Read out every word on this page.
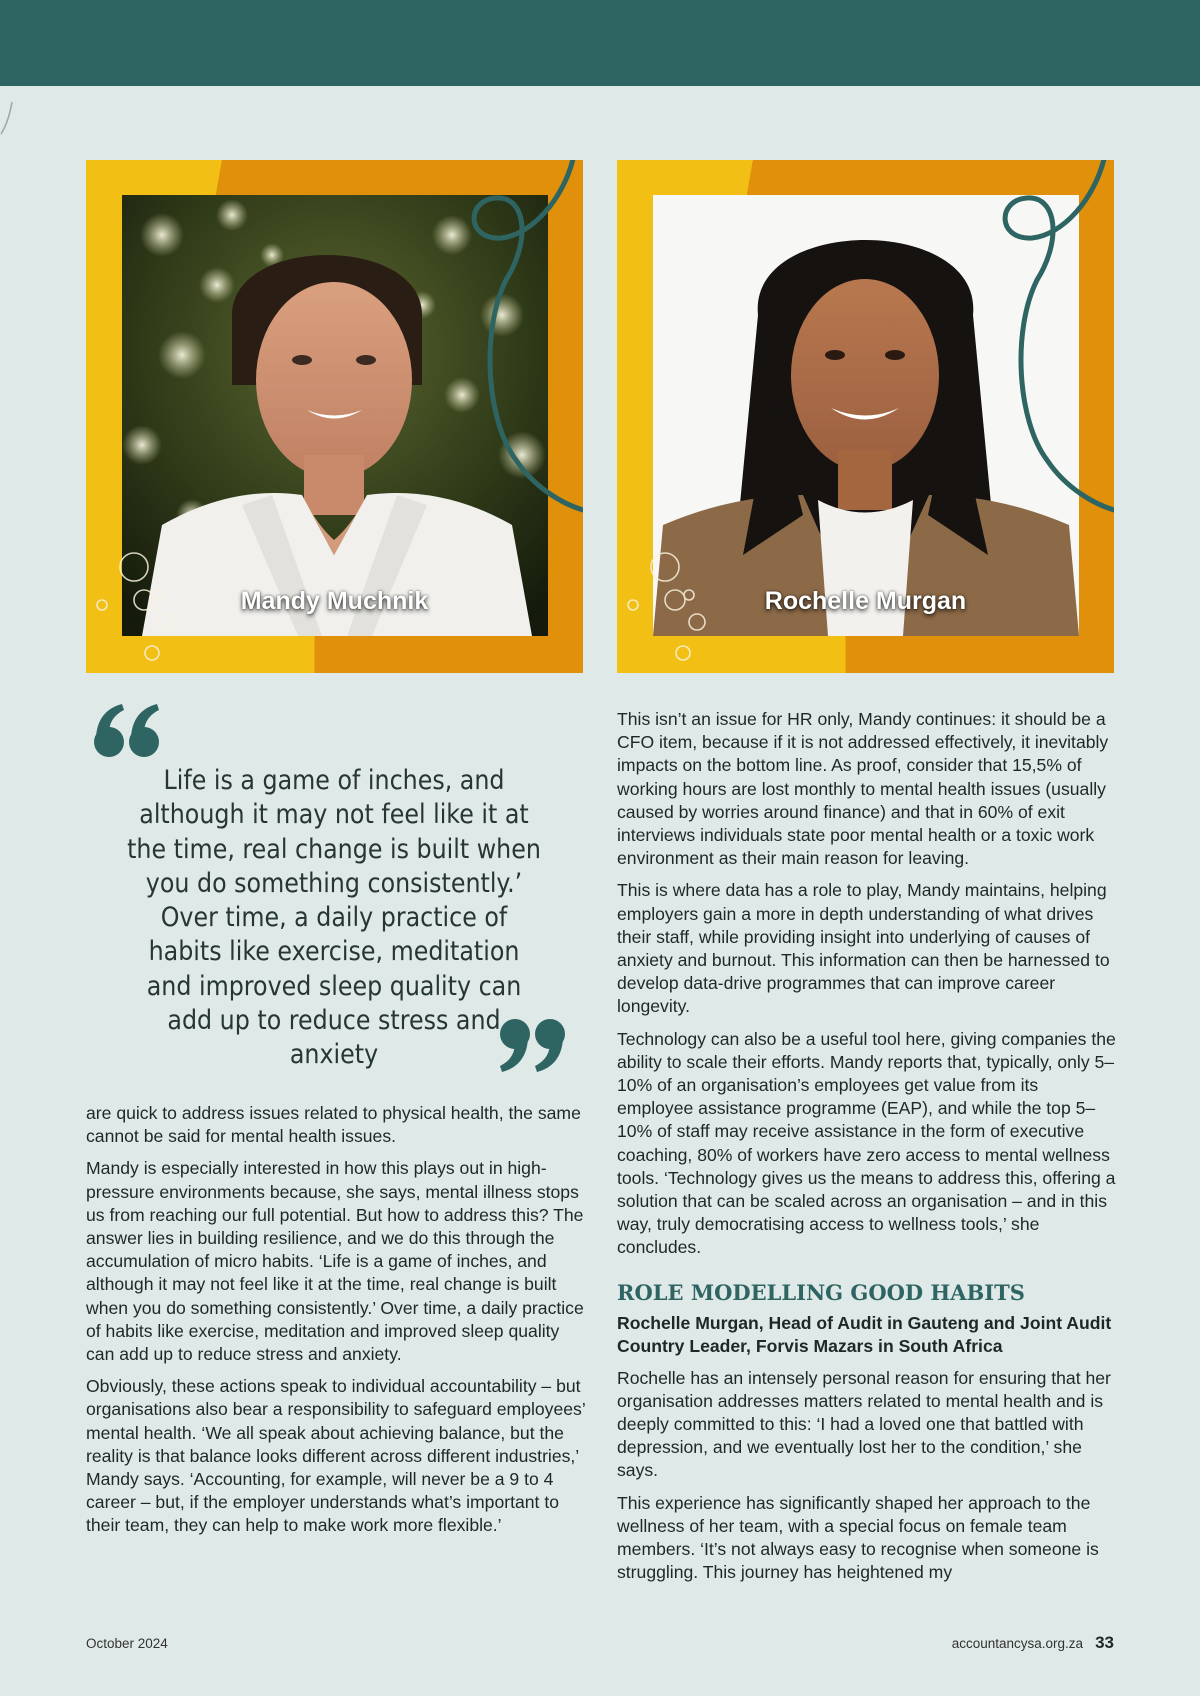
Mandy Muchnik	Rochelle Murgan
Life is a game of inches, and although it may not feel like it at the time, real change is built when you do something consistently.’ Over time, a daily practice of habits like exercise, meditation and improved sleep quality can add up to reduce stress and anxiety

are quick to address issues related to physical health, the same cannot be said for mental health issues.

Mandy is especially interested in how this plays out in high-pressure environments because, she says, mental illness stops us from reaching our full potential. But how to address this? The answer lies in building resilience, and we do this through the accumulation of micro habits. ‘Life is a game of inches, and although it may not feel like it at the time, real change is built when you do something consistently.’ Over time, a daily practice of habits like exercise, meditation and improved sleep quality can add up to reduce stress and anxiety.

Obviously, these actions speak to individual accountability – but organisations also bear a responsibility to safeguard employees’ mental health. ‘We all speak about achieving balance, but the reality is that balance looks different across different industries,’ Mandy says. ‘Accounting, for example, will never be a 9 to 4 career – but, if the employer understands what’s important to their team, they can help to make work more flexible.’

This isn’t an issue for HR only, Mandy continues: it should be a CFO item, because if it is not addressed effectively, it inevitably impacts on the bottom line. As proof, consider that 15,5% of working hours are lost monthly to mental health issues (usually caused by worries around finance) and that in 60% of exit interviews individuals state poor mental health or a toxic work environment as their main reason for leaving.

This is where data has a role to play, Mandy maintains, helping employers gain a more in depth understanding of what drives their staff, while providing insight into underlying of causes of anxiety and burnout. This information can then be harnessed to develop data-drive programmes that can improve career longevity.

Technology can also be a useful tool here, giving companies the ability to scale their efforts. Mandy reports that, typically, only 5–10% of an organisation’s employees get value from its employee assistance programme (EAP), and while the top 5– 10% of staff may receive assistance in the form of executive coaching, 80% of workers have zero access to mental wellness tools. ‘Technology gives us the means to address this, offering a solution that can be scaled across an organisation – and in this way, truly democratising access to wellness tools,’ she concludes.

ROLE MODELLING GOOD HABITS

Rochelle Murgan, Head of Audit in Gauteng and Joint Audit Country Leader, Forvis Mazars in South Africa

Rochelle has an intensely personal reason for ensuring that her organisation addresses matters related to mental health and is deeply committed to this: ‘I had a loved one that battled with depression, and we eventually lost her to the condition,’ she says.

This experience has significantly shaped her approach to the wellness of her team, with a special focus on female team members. ‘It’s not always easy to recognise when someone is struggling. This journey has heightened my

October 2024	accountancysa.org.za 33
